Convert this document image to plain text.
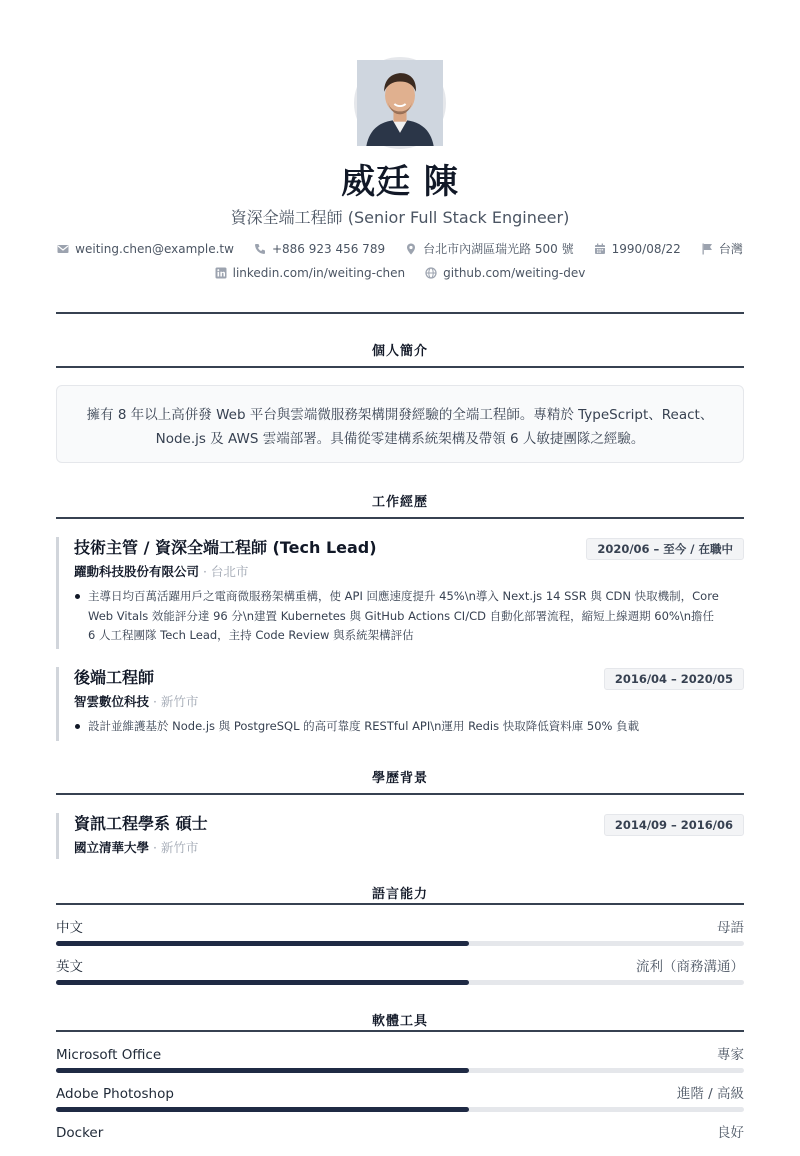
威廷 陳
資深全端工程師 (Senior Full Stack Engineer)
weiting.chen@example.tw	+886 923 456 789	台北市內湖區瑞光路 500 號	1990/08/22	台灣
linkedin.com/in/weiting-chen	github.com/weiting-dev
個人簡介
擁有 8 年以上高併發 Web 平台與雲端微服務架構開發經驗的全端工程師。專精於 TypeScript、React、
Node.js 及 AWS 雲端部署。具備從零建構系統架構及帶領 6 人敏捷團隊之經驗。
工作經歷
技術主管 / 資深全端工程師 (Tech Lead)	2020/06 – 至今 / 在職中
躍動科技股份有限公司 · 台北市
主導日均百萬活躍用戶之電商微服務架構重構，使 API 回應速度提升 45%\n導入 Next.js 14 SSR 與 CDN 快取機制，Core
Web Vitals 效能評分達 96 分\n建置 Kubernetes 與 GitHub Actions CI/CD 自動化部署流程，縮短上線週期 60%\n擔任
6 人工程團隊 Tech Lead，主持 Code Review 與系統架構評估
後端工程師	2016/04 – 2020/05
智雲數位科技 · 新竹市
設計並維護基於 Node.js 與 PostgreSQL 的高可靠度 RESTful API\n運用 Redis 快取降低資料庫 50% 負載
學歷背景
資訊工程學系 碩士	2014/09 – 2016/06
國立清華大學 · 新竹市
語言能力
中文	母語
英文	流利（商務溝通）
軟體工具
Microsoft Office	專家
Adobe Photoshop	進階 / 高級
Docker	良好
